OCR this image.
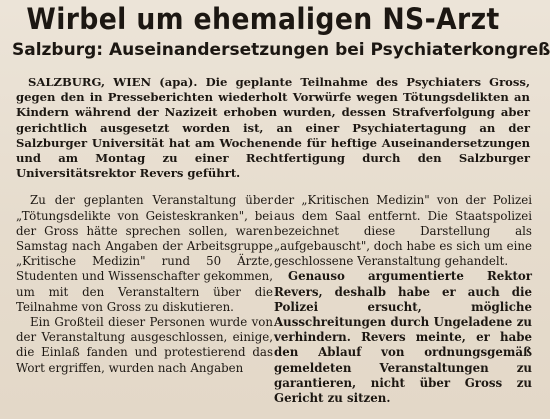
Wirbel um ehemaligen NS-Arzt
Salzburg: Auseinandersetzungen bei Psychiaterkongreß

SALZBURG, WIEN (apa). Die geplante Teilnahme des Psychiaters Gross, gegen den in Presseberichten wiederholt Vorwürfe wegen Tötungsdelikten an Kindern während der Nazizeit erhoben wurden, dessen Strafverfolgung aber gerichtlich ausgesetzt worden ist, an einer Psychiatertagung an der Salzburger Universität hat am Wochenende für heftige Auseinandersetzungen und am Montag zu einer Rechtfertigung durch den Salzburger Universitätsrektor Revers geführt.

Zu der geplanten Veranstaltung über „Tötungsdelikte von Geisteskranken", bei der Gross hätte sprechen sollen, waren Samstag nach Angaben der Arbeitsgruppe „Kritische Medizin" rund 50 Ärzte, Studenten und Wissenschafter gekommen, um mit den Veranstaltern über die Teilnahme von Gross zu diskutieren.

Ein Großteil dieser Personen wurde von der Veranstaltung ausgeschlossen, einige, die Einlaß fanden und protestierend das Wort ergriffen, wurden nach Angaben

der „Kritischen Medizin" von der Polizei aus dem Saal entfernt. Die Staatspolizei bezeichnet diese Darstellung als „aufgebauscht", doch habe es sich um eine geschlossene Veranstaltung gehandelt.

Genauso argumentierte Rektor Revers, deshalb habe er auch die Polizei ersucht, mögliche Ausschreitungen durch Ungeladene zu verhindern. Revers meinte, er habe den Ablauf von ordnungsgemäß gemeldeten Veranstaltungen zu garantieren, nicht über Gross zu Gericht zu sitzen.
